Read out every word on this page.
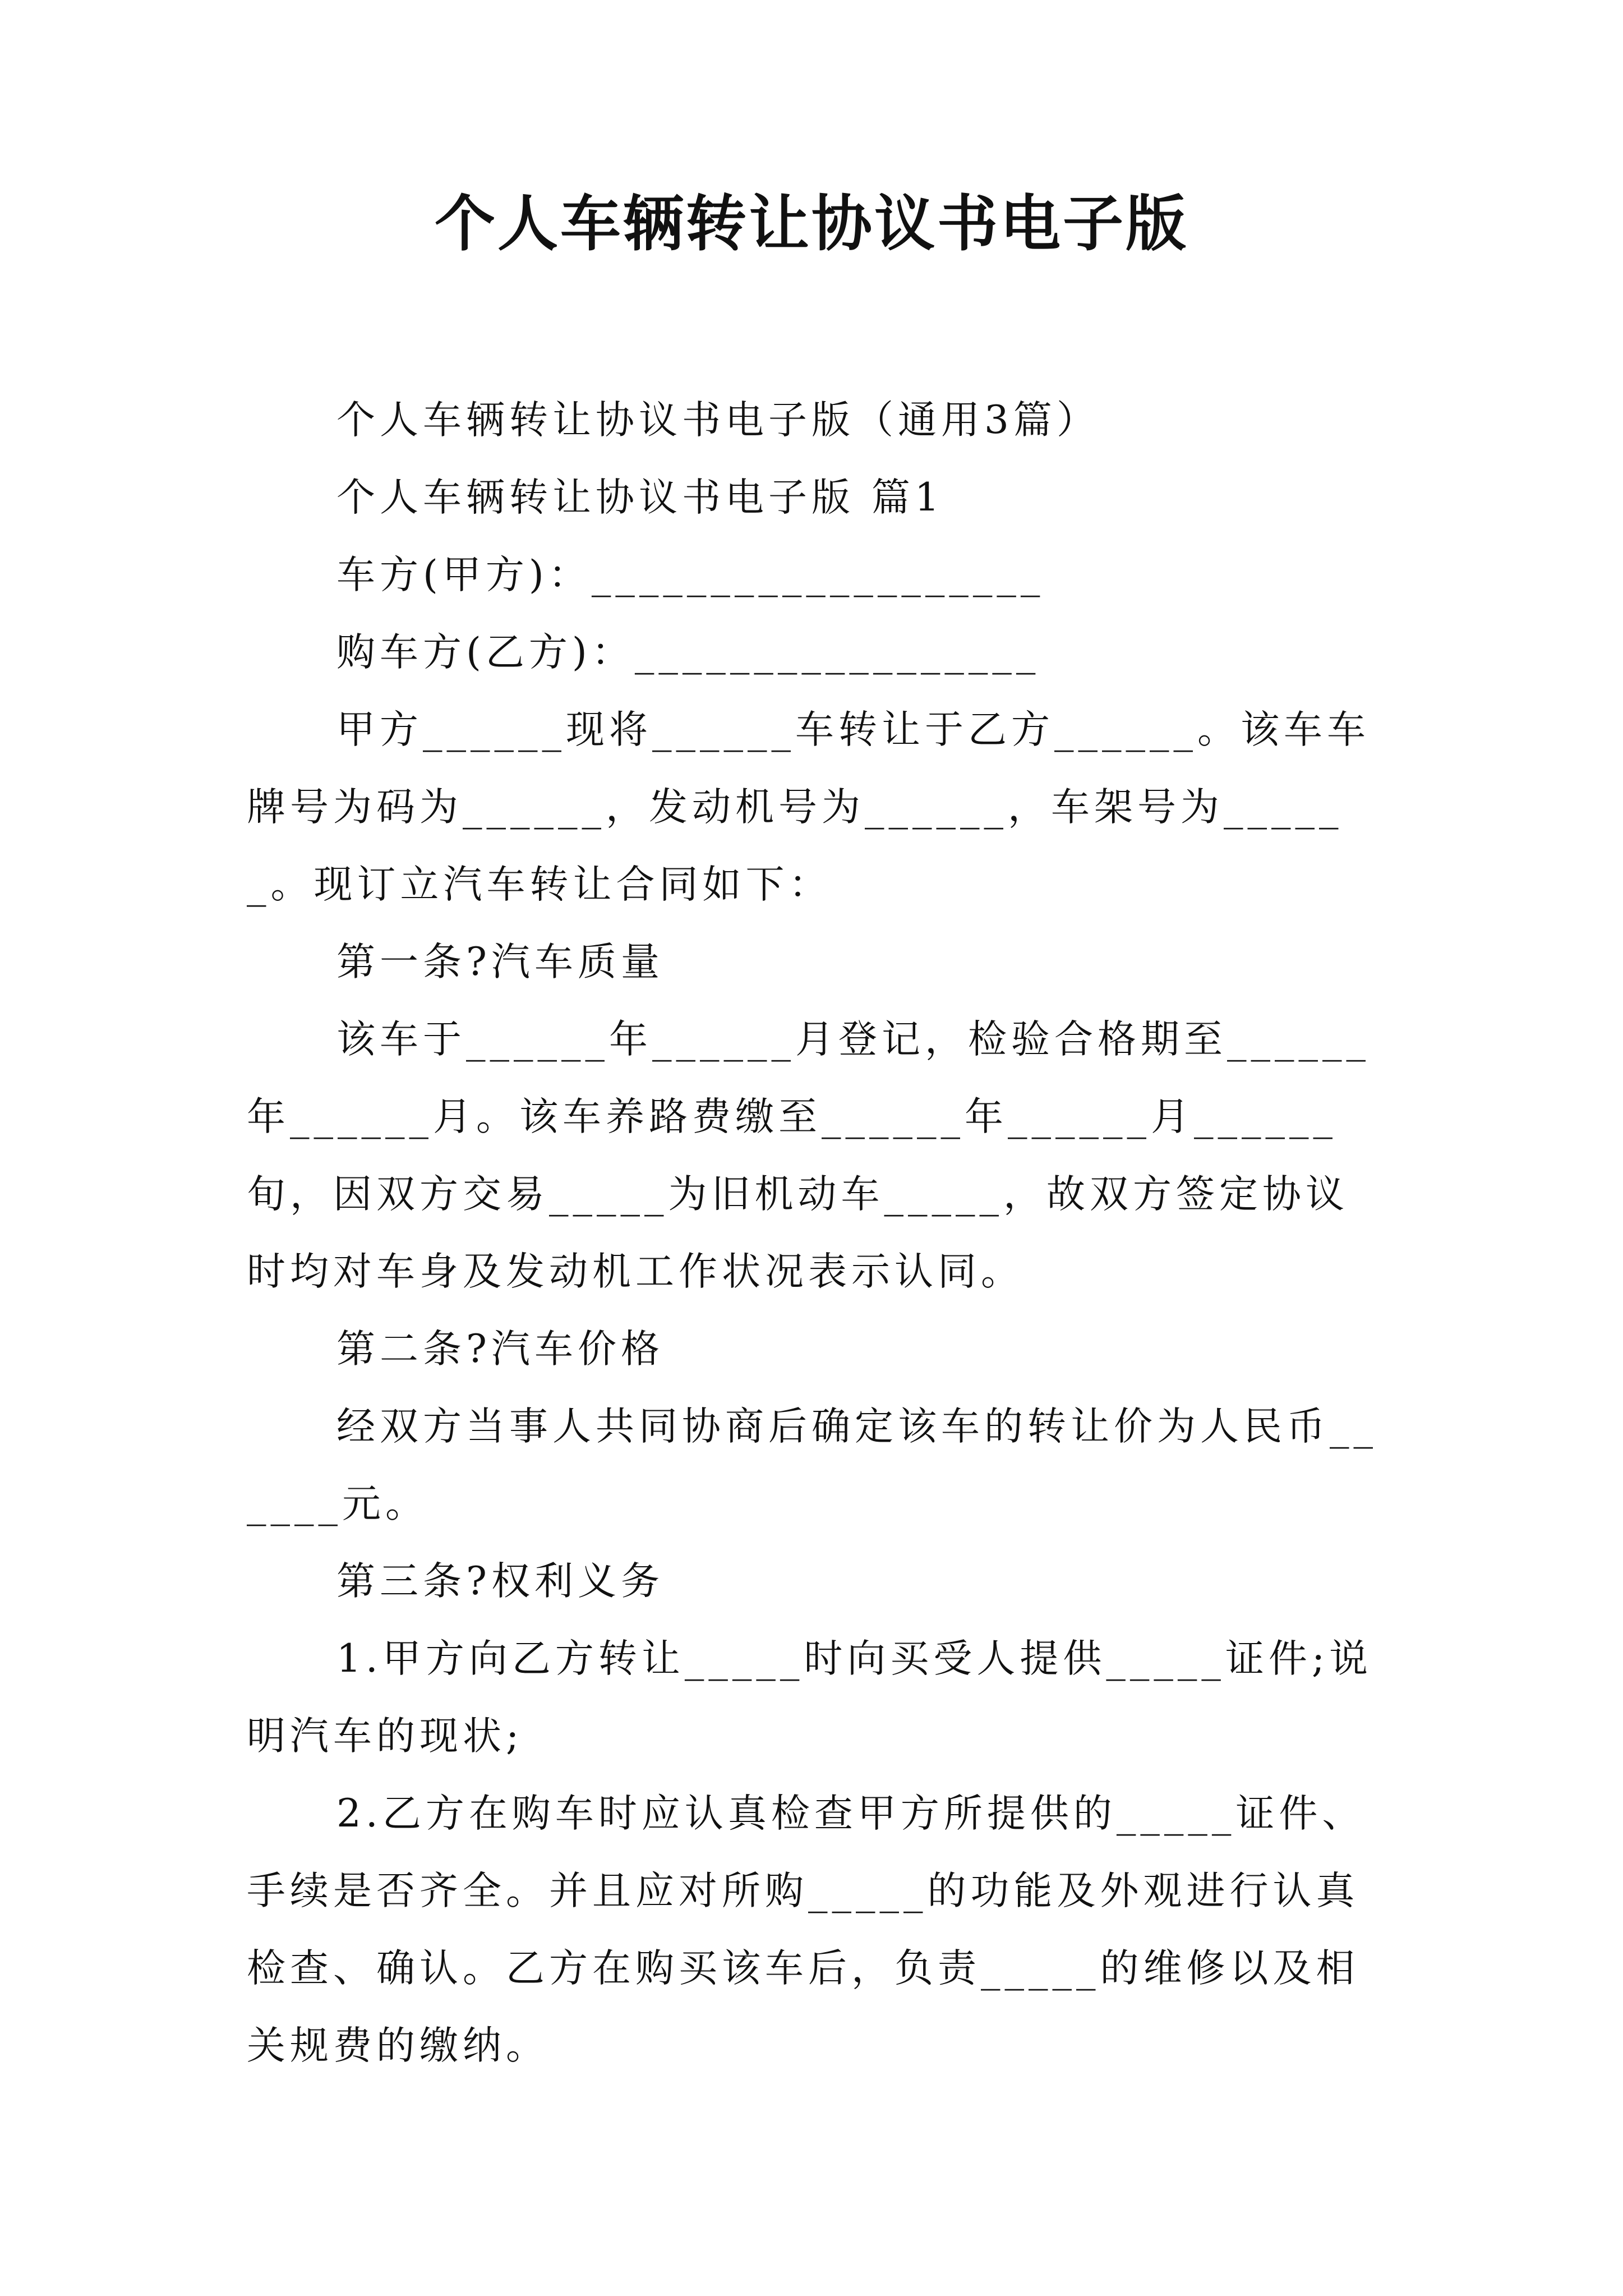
个人车辆转让协议书电子版

个人车辆转让协议书电子版（通用3篇）

个人车辆转让协议书电子版 篇1

车方(甲方)：___________________

购车方(乙方)：_________________

甲方______现将______车转让于乙方______。该车车牌号为码为______，发动机号为______，车架号为______。现订立汽车转让合同如下：

第一条?汽车质量

该车于______年______月登记，检验合格期至______年______月。该车养路费缴至______年______月______旬，因双方交易_____为旧机动车_____，故双方签定协议时均对车身及发动机工作状况表示认同。

第二条?汽车价格

经双方当事人共同协商后确定该车的转让价为人民币______元。

第三条?权利义务

1.甲方向乙方转让_____时向买受人提供_____证件;说明汽车的现状;

2.乙方在购车时应认真检查甲方所提供的_____证件、手续是否齐全。并且应对所购_____的功能及外观进行认真检查、确认。乙方在购买该车后，负责_____的维修以及相关规费的缴纳。
